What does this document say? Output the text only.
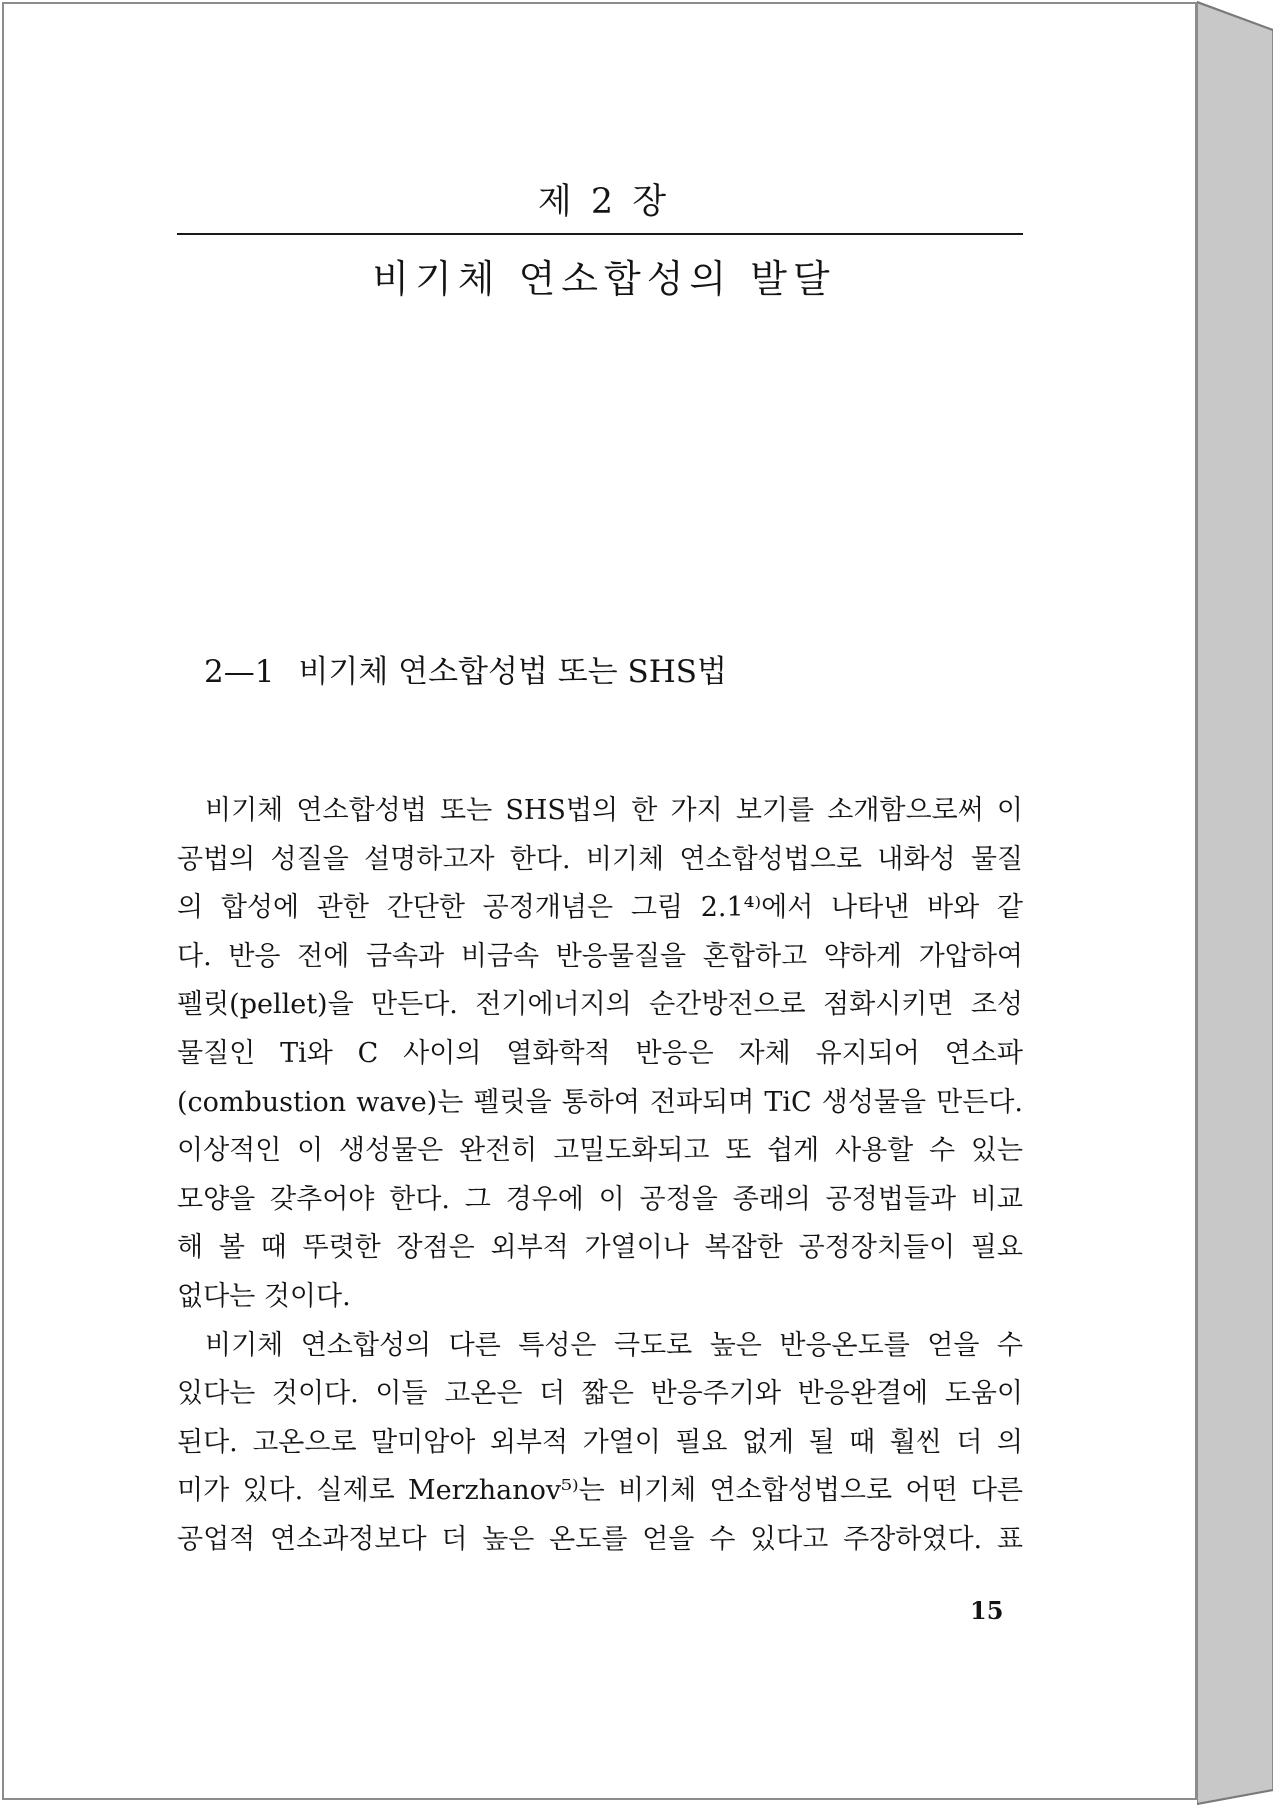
제 2 장
비기체 연소합성의 발달
2—1 비기체 연소합성법 또는 SHS법
비기체 연소합성법 또는 SHS법의 한 가지 보기를 소개함으로써 이
공법의 성질을 설명하고자 한다. 비기체 연소합성법으로 내화성 물질
의 합성에 관한 간단한 공정개념은 그림 2.1⁴⁾에서 나타낸 바와 같
다. 반응 전에 금속과 비금속 반응물질을 혼합하고 약하게 가압하여
펠릿(pellet)을 만든다. 전기에너지의 순간방전으로 점화시키면 조성
물질인 Ti와 C 사이의 열화학적 반응은 자체 유지되어 연소파
(combustion wave)는 펠릿을 통하여 전파되며 TiC 생성물을 만든다.
이상적인 이 생성물은 완전히 고밀도화되고 또 쉽게 사용할 수 있는
모양을 갖추어야 한다. 그 경우에 이 공정을 종래의 공정법들과 비교
해 볼 때 뚜렷한 장점은 외부적 가열이나 복잡한 공정장치들이 필요
없다는 것이다.
비기체 연소합성의 다른 특성은 극도로 높은 반응온도를 얻을 수
있다는 것이다. 이들 고온은 더 짧은 반응주기와 반응완결에 도움이
된다. 고온으로 말미암아 외부적 가열이 필요 없게 될 때 훨씬 더 의
미가 있다. 실제로 Merzhanov⁵⁾는 비기체 연소합성법으로 어떤 다른
공업적 연소과정보다 더 높은 온도를 얻을 수 있다고 주장하였다. 표
15
